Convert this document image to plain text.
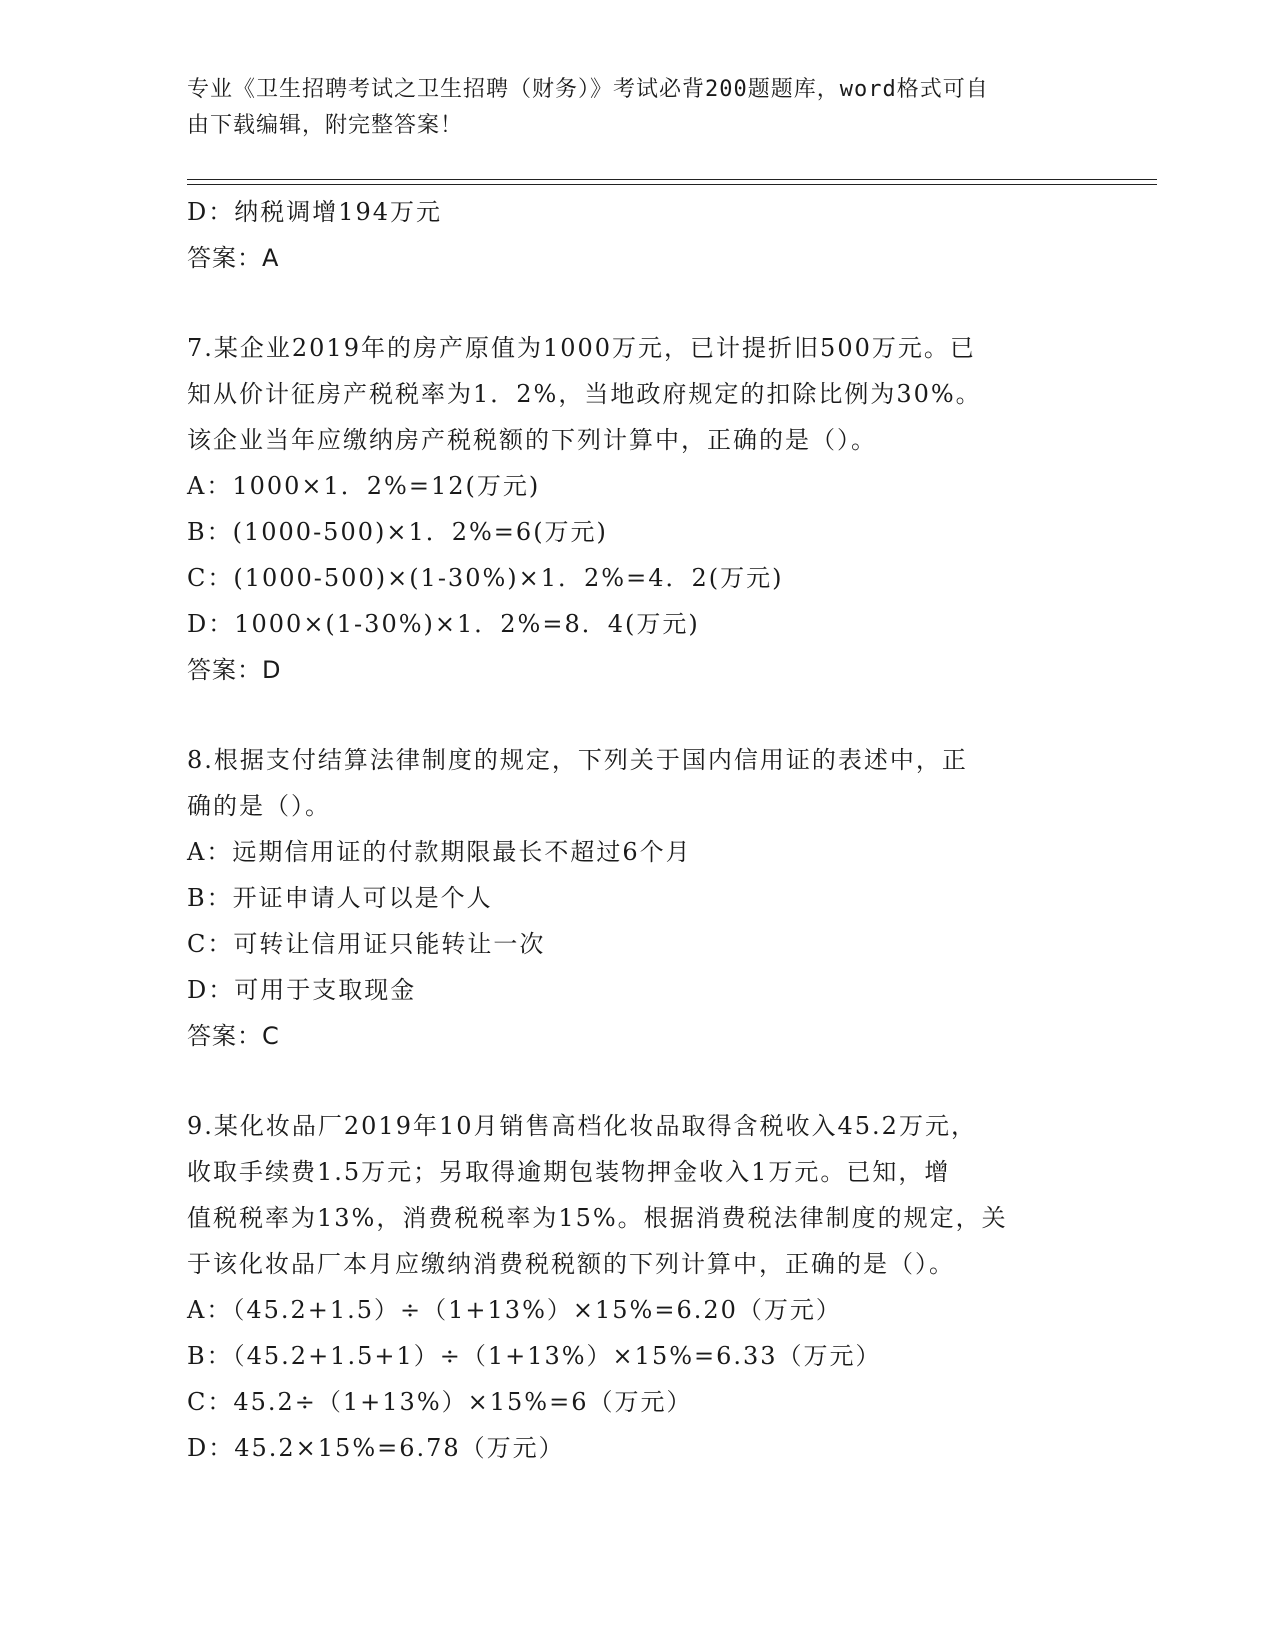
专业《卫生招聘考试之卫生招聘（财务）》考试必背200题题库，word格式可自
由下载编辑，附完整答案！
D：纳税调增194万元
答案：A
7.某企业2019年的房产原值为1000万元，已计提折旧500万元。已
知从价计征房产税税率为1．2%，当地政府规定的扣除比例为30%。
该企业当年应缴纳房产税税额的下列计算中，正确的是（）。
A：1000×1．2%=12(万元)
B：(1000-500)×1．2%=6(万元)
C：(1000-500)×(1-30%)×1．2%=4．2(万元)
D：1000×(1-30%)×1．2%=8．4(万元)
答案：D
8.根据支付结算法律制度的规定，下列关于国内信用证的表述中，正
确的是（）。
A：远期信用证的付款期限最长不超过6个月
B：开证申请人可以是个人
C：可转让信用证只能转让一次
D：可用于支取现金
答案：C
9.某化妆品厂2019年10月销售高档化妆品取得含税收入45.2万元，
收取手续费1.5万元；另取得逾期包装物押金收入1万元。已知，增
值税税率为13%，消费税税率为15%。根据消费税法律制度的规定，关
于该化妆品厂本月应缴纳消费税税额的下列计算中，正确的是（）。
A：（45.2+1.5）÷（1+13%）×15%=6.20（万元）
B：（45.2+1.5+1）÷（1+13%）×15%=6.33（万元）
C：45.2÷（1+13%）×15%=6（万元）
D：45.2×15%=6.78（万元）
